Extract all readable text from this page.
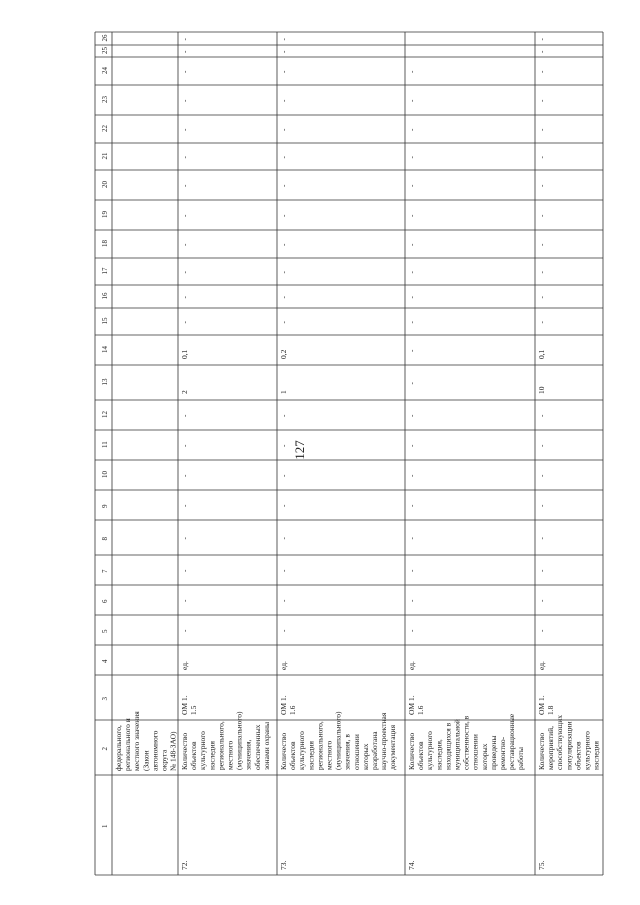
127
1
2
3
4
5
6
7
8
9
10
11
12
13
14
15
16
17
18
19
20
21
22
23
24
25
26
федерального, регионального и местного значения (Закон автономного округа № 148-ЗАО)
72.
Количество объектов культурного наследия регионального, местного (муниципального) значения, обеспеченных зонами охраны
ОМ 1. 1.5
ед.
-
-
-
-
-
-
-
-
2
0,1
-
-
-
-
-
-
-
-
-
-
-
-
73.
Количество объектов культурного наследия регионального, местного (муниципального) значения, в отношении которых разработана научно-проектная документация
ОМ 1. 1.6
ед.
-
-
-
-
-
-
-
-
1
0,2
-
-
-
-
-
-
-
-
-
-
-
-
74.
Количество объектов культурного наследия, находящихся в муниципальной собственности, в отношении которых проведены ремонтно- реставрационные работы
ОМ 1. 1.6
ед.
-
-
-
-
-
-
-
-
-
-
-
-
-
-
-
-
-
-
-
-
75.
Количество мероприятий, способствующих популяризации объектов культурного наследия
ОМ 1. 1.8
ед.
-
-
-
-
-
-
-
-
10
0,1
-
-
-
-
-
-
-
-
-
-
-
-
